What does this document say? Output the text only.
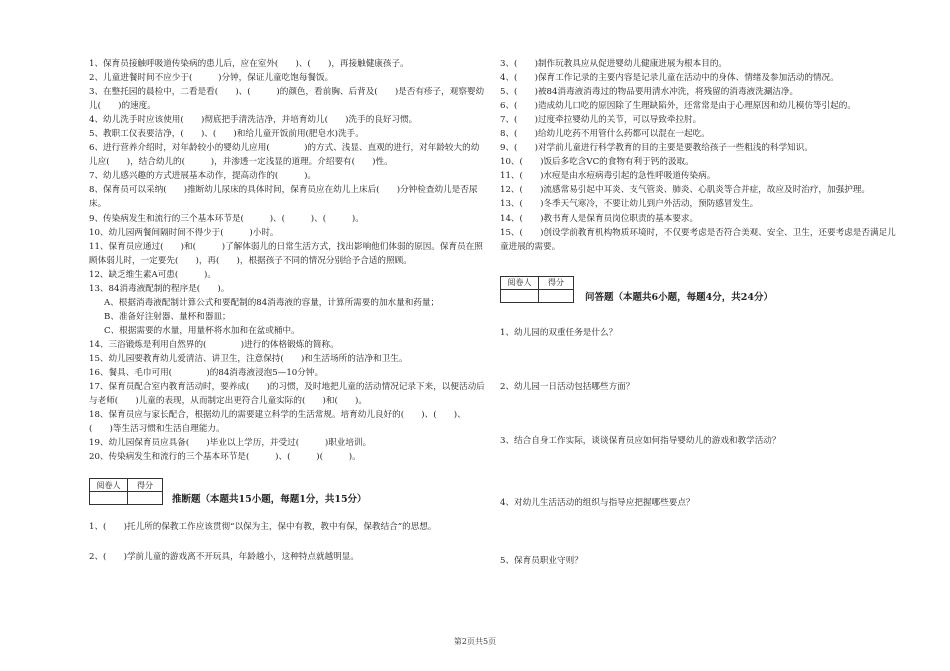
1、保育员接触呼吸道传染病的患儿后，应在室外(　　)、(　　)，再接触健康孩子。
2、儿童进餐时间不应少于(　　　)分钟，保证儿童吃饱每餐饭。
3、在整托园的晨检中，二看是看(　　)、(　　　)的颜色，看前胸、后背及(　　)是否有疹子，观察婴幼儿(　　)的速度。
4、幼儿洗手时应该使用(　　)彻底把手清洗洁净，并培育幼儿(　　)洗手的良好习惯。
5、教职工仪表要洁净，(　　)、(　　)和给儿童开饭前用(肥皂水)洗手。
6、进行营养介绍时，对年龄较小的婴幼儿应用(　　　　)的方式、浅显、直观的进行，对年龄较大的幼儿应(　　)，结合幼儿的(　　　)，并渗透一定浅显的道理。介绍要有(　　)性。
7、幼儿感兴趣的方式进展基本动作，提高动作的(　　　)。
8、保育员可以采纳(　　)推断幼儿尿床的具体时间，保育员应在幼儿上床后(　　)分钟检查幼儿是否尿床。
9、传染病发生和流行的三个基本环节是(　　　)、(　　　)、(　　　)。
10、幼儿园两餐间隔时间不得少于(　　　)小时。
11、保育员应通过(　　)和(　　　)了解体弱儿的日常生活方式，找出影响他们体弱的原因。保育员在照顾体弱儿时，一定要先(　　)，再(　　)，根据孩子不同的情况分别给予合适的照顾。
12、缺乏维生素A可患(　　　)。
13、84消毒液配制的程序是(　　)。
A、根据消毒液配制计算公式和要配制的84消毒液的容量，计算所需要的加水量和药量；
B、准备好注射器、量杯和器皿；
C、根据需要的水量，用量杯将水加和在盆或桶中。
14、三浴锻炼是利用自然界的(　　　　)进行的体格锻炼的简称。
15、幼儿园要教育幼儿爱清洁、讲卫生，注意保持(　　)和生活场所的洁净和卫生。
16、餐具、毛巾可用(　　　　)的84消毒液浸泡5—10分钟。
17、保育员配合室内教育活动时，要养成(　　)的习惯，及时地把儿童的活动情况记录下来，以便活动后与老师(　　)儿童的表现，从而制定出更符合儿童实际的(　　)和(　　)。
18、保育员应与家长配合，根据幼儿的需要建立科学的生活常规。培育幼儿良好的(　　)、(　　)、(　　)等生活习惯和生活自理能力。
19、幼儿园保育员应具备(　　)毕业以上学历，并受过(　　　)职业培训。
20、传染病发生和流行的三个基本环节是(　　　)、(　　　)(　　　)。
阅卷人	得分

推断题（本题共15小题，每题1分，共15分）
1、(　　)托儿所的保教工作应该贯彻“以保为主，保中有教，教中有保，保教结合”的思想。
2、(　　)学前儿童的游戏离不开玩具，年龄越小，这种特点就越明显。
3、(　　)制作玩教具应从促进婴幼儿健康进展为根本目的。
4、(　　)保育工作记录的主要内容是记录儿童在活动中的身体、情绪及参加活动的情况。
5、(　　)被84消毒液消毒过的物品要用清水冲洗，将残留的消毒液洗涮洁净。
6、(　　)造成幼儿口吃的原因除了生理缺陷外，还常常是由于心理原因和幼儿模仿等引起的。
7、(　　)过度牵拉婴幼儿的关节，可以导致牵拉肘。
8、(　　)给幼儿吃药不用管什么药都可以混在一起吃。
9、(　　)对学前儿童进行科学教育的目的主要是要教给孩子一些粗浅的科学知识。
10、(　　)饭后多吃含VC的食物有利于钙的汲取。
11、(　　)水痘是由水痘病毒引起的急性呼吸道传染病。
12、(　　)流感常易引起中耳炎、支气管炎、肺炎、心肌炎等合并症，故应及时治疗，加强护理。
13、(　　)冬季天气寒冷，不要让幼儿到户外活动，预防感冒发生。
14、(　　)教书育人是保育员岗位职责的基本要求。
15、(　　)创设学前教育机构物质环境时，不仅要考虑是否符合美观、安全、卫生，还要考虑是否满足儿童进展的需要。
阅卷人	得分

问答题（本题共6小题，每题4分，共24分）
1、幼儿园的双重任务是什么？
2、幼儿园一日活动包括哪些方面？
3、结合自身工作实际，谈谈保育员应如何指导婴幼儿的游戏和教学活动？
4、对幼儿生活活动的组织与指导应把握哪些要点？
5、保育员职业守则？
第2页共5页
